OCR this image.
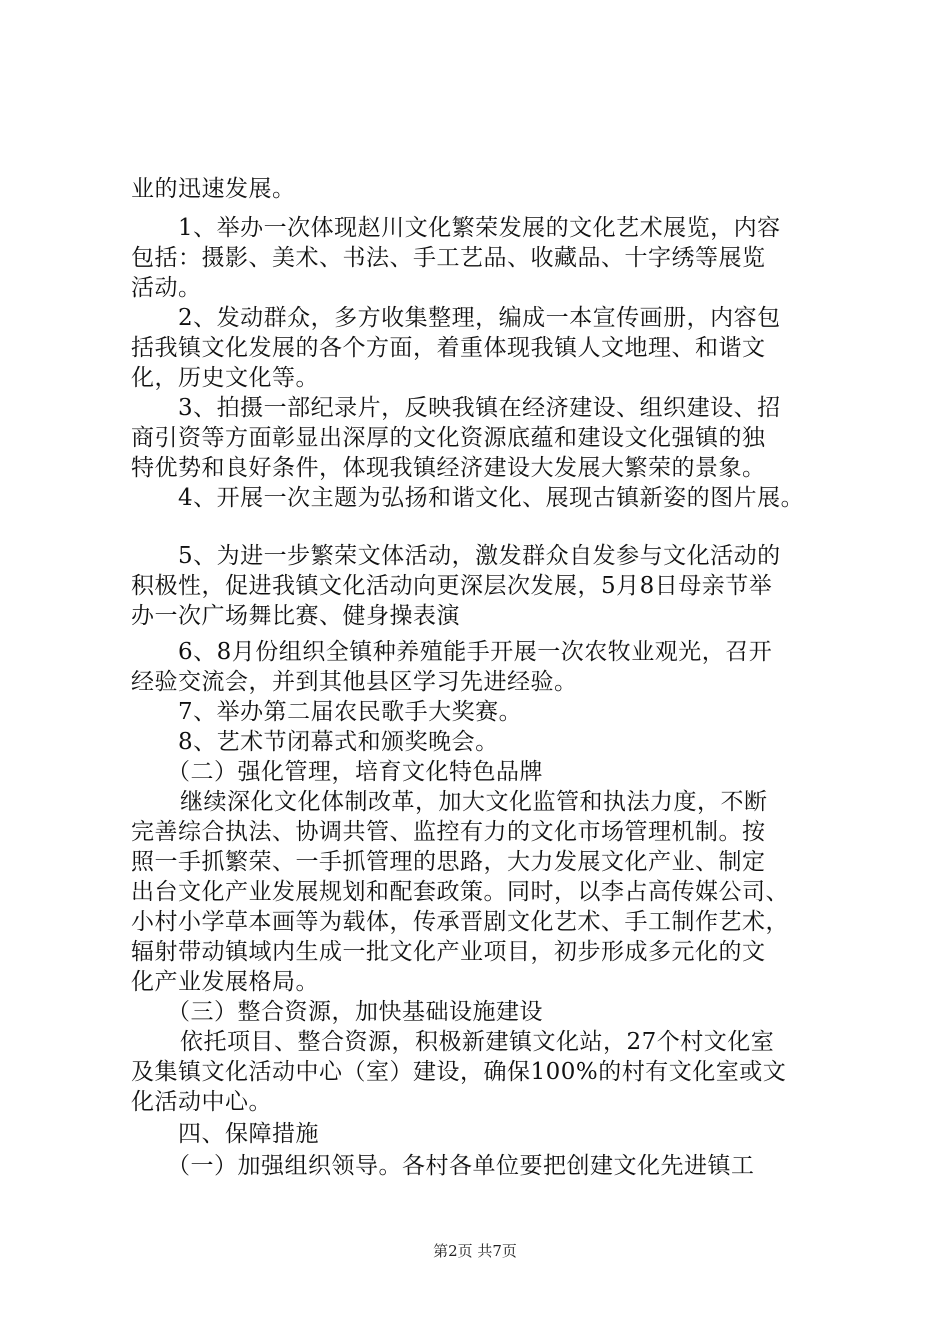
业的迅速发展。
1、举办一次体现赵川文化繁荣发展的文化艺术展览，内容
包括：摄影、美术、书法、手工艺品、收藏品、十字绣等展览
活动。
2、发动群众，多方收集整理，编成一本宣传画册，内容包
括我镇文化发展的各个方面，着重体现我镇人文地理、和谐文
化，历史文化等。
3、拍摄一部纪录片，反映我镇在经济建设、组织建设、招
商引资等方面彰显出深厚的文化资源底蕴和建设文化强镇的独
特优势和良好条件，体现我镇经济建设大发展大繁荣的景象。
4、开展一次主题为弘扬和谐文化、展现古镇新姿的图片展。
5、为进一步繁荣文体活动，激发群众自发参与文化活动的
积极性，促进我镇文化活动向更深层次发展，5月8日母亲节举
办一次广场舞比赛、健身操表演
6、8月份组织全镇种养殖能手开展一次农牧业观光，召开
经验交流会，并到其他县区学习先进经验。
7、举办第二届农民歌手大奖赛。
8、艺术节闭幕式和颁奖晚会。
（二）强化管理，培育文化特色品牌
继续深化文化体制改革，加大文化监管和执法力度，不断
完善综合执法、协调共管、监控有力的文化市场管理机制。按
照一手抓繁荣、一手抓管理的思路，大力发展文化产业、制定
出台文化产业发展规划和配套政策。同时，以李占高传媒公司、
小村小学草本画等为载体，传承晋剧文化艺术、手工制作艺术，
辐射带动镇域内生成一批文化产业项目，初步形成多元化的文
化产业发展格局。
（三）整合资源，加快基础设施建设
依托项目、整合资源，积极新建镇文化站，27个村文化室
及集镇文化活动中心（室）建设，确保100%的村有文化室或文
化活动中心。
四、保障措施
（一）加强组织领导。各村各单位要把创建文化先进镇工
第2页 共7页
